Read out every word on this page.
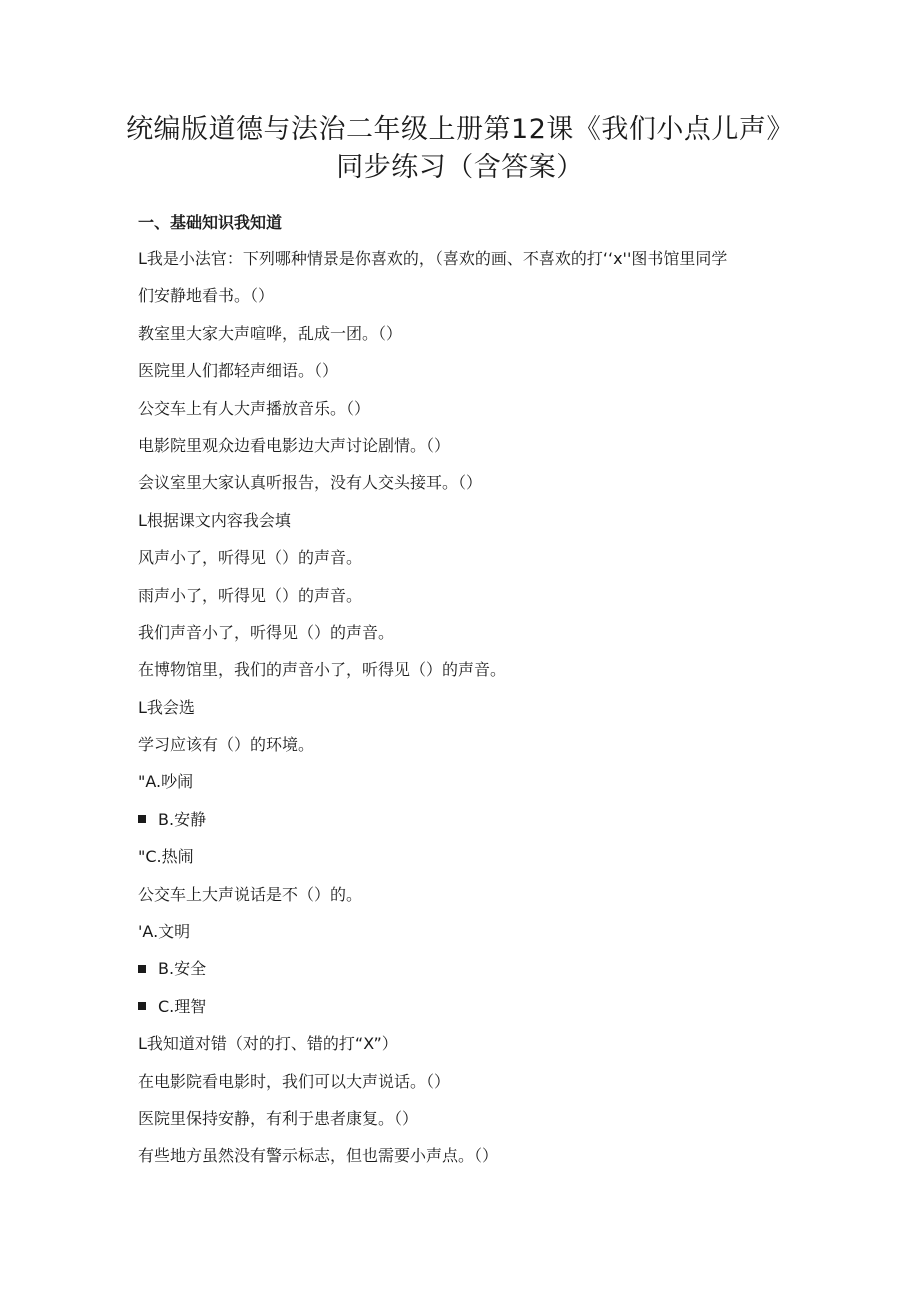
统编版道德与法治二年级上册第12课《我们小点儿声》
同步练习（含答案）
一、基础知识我知道
L我是小法官：下列哪种情景是你喜欢的，（喜欢的画、不喜欢的打‘‘x''图书馆里同学
们安静地看书。（）
教室里大家大声喧哗，乱成一团。（）
医院里人们都轻声细语。（）
公交车上有人大声播放音乐。（）
电影院里观众边看电影边大声讨论剧情。（）
会议室里大家认真听报告，没有人交头接耳。（）
L根据课文内容我会填
风声小了，听得见（）的声音。
雨声小了，听得见（）的声音。
我们声音小了，听得见（）的声音。
在博物馆里，我们的声音小了，听得见（）的声音。
L我会选
学习应该有（）的环境。
"A.吵闹
B.安静
"C.热闹
公交车上大声说话是不（）的。
'A.文明
B.安全
C.理智
L我知道对错（对的打、错的打“X”）
在电影院看电影时，我们可以大声说话。（）
医院里保持安静，有利于患者康复。（）
有些地方虽然没有警示标志，但也需要小声点。（）
